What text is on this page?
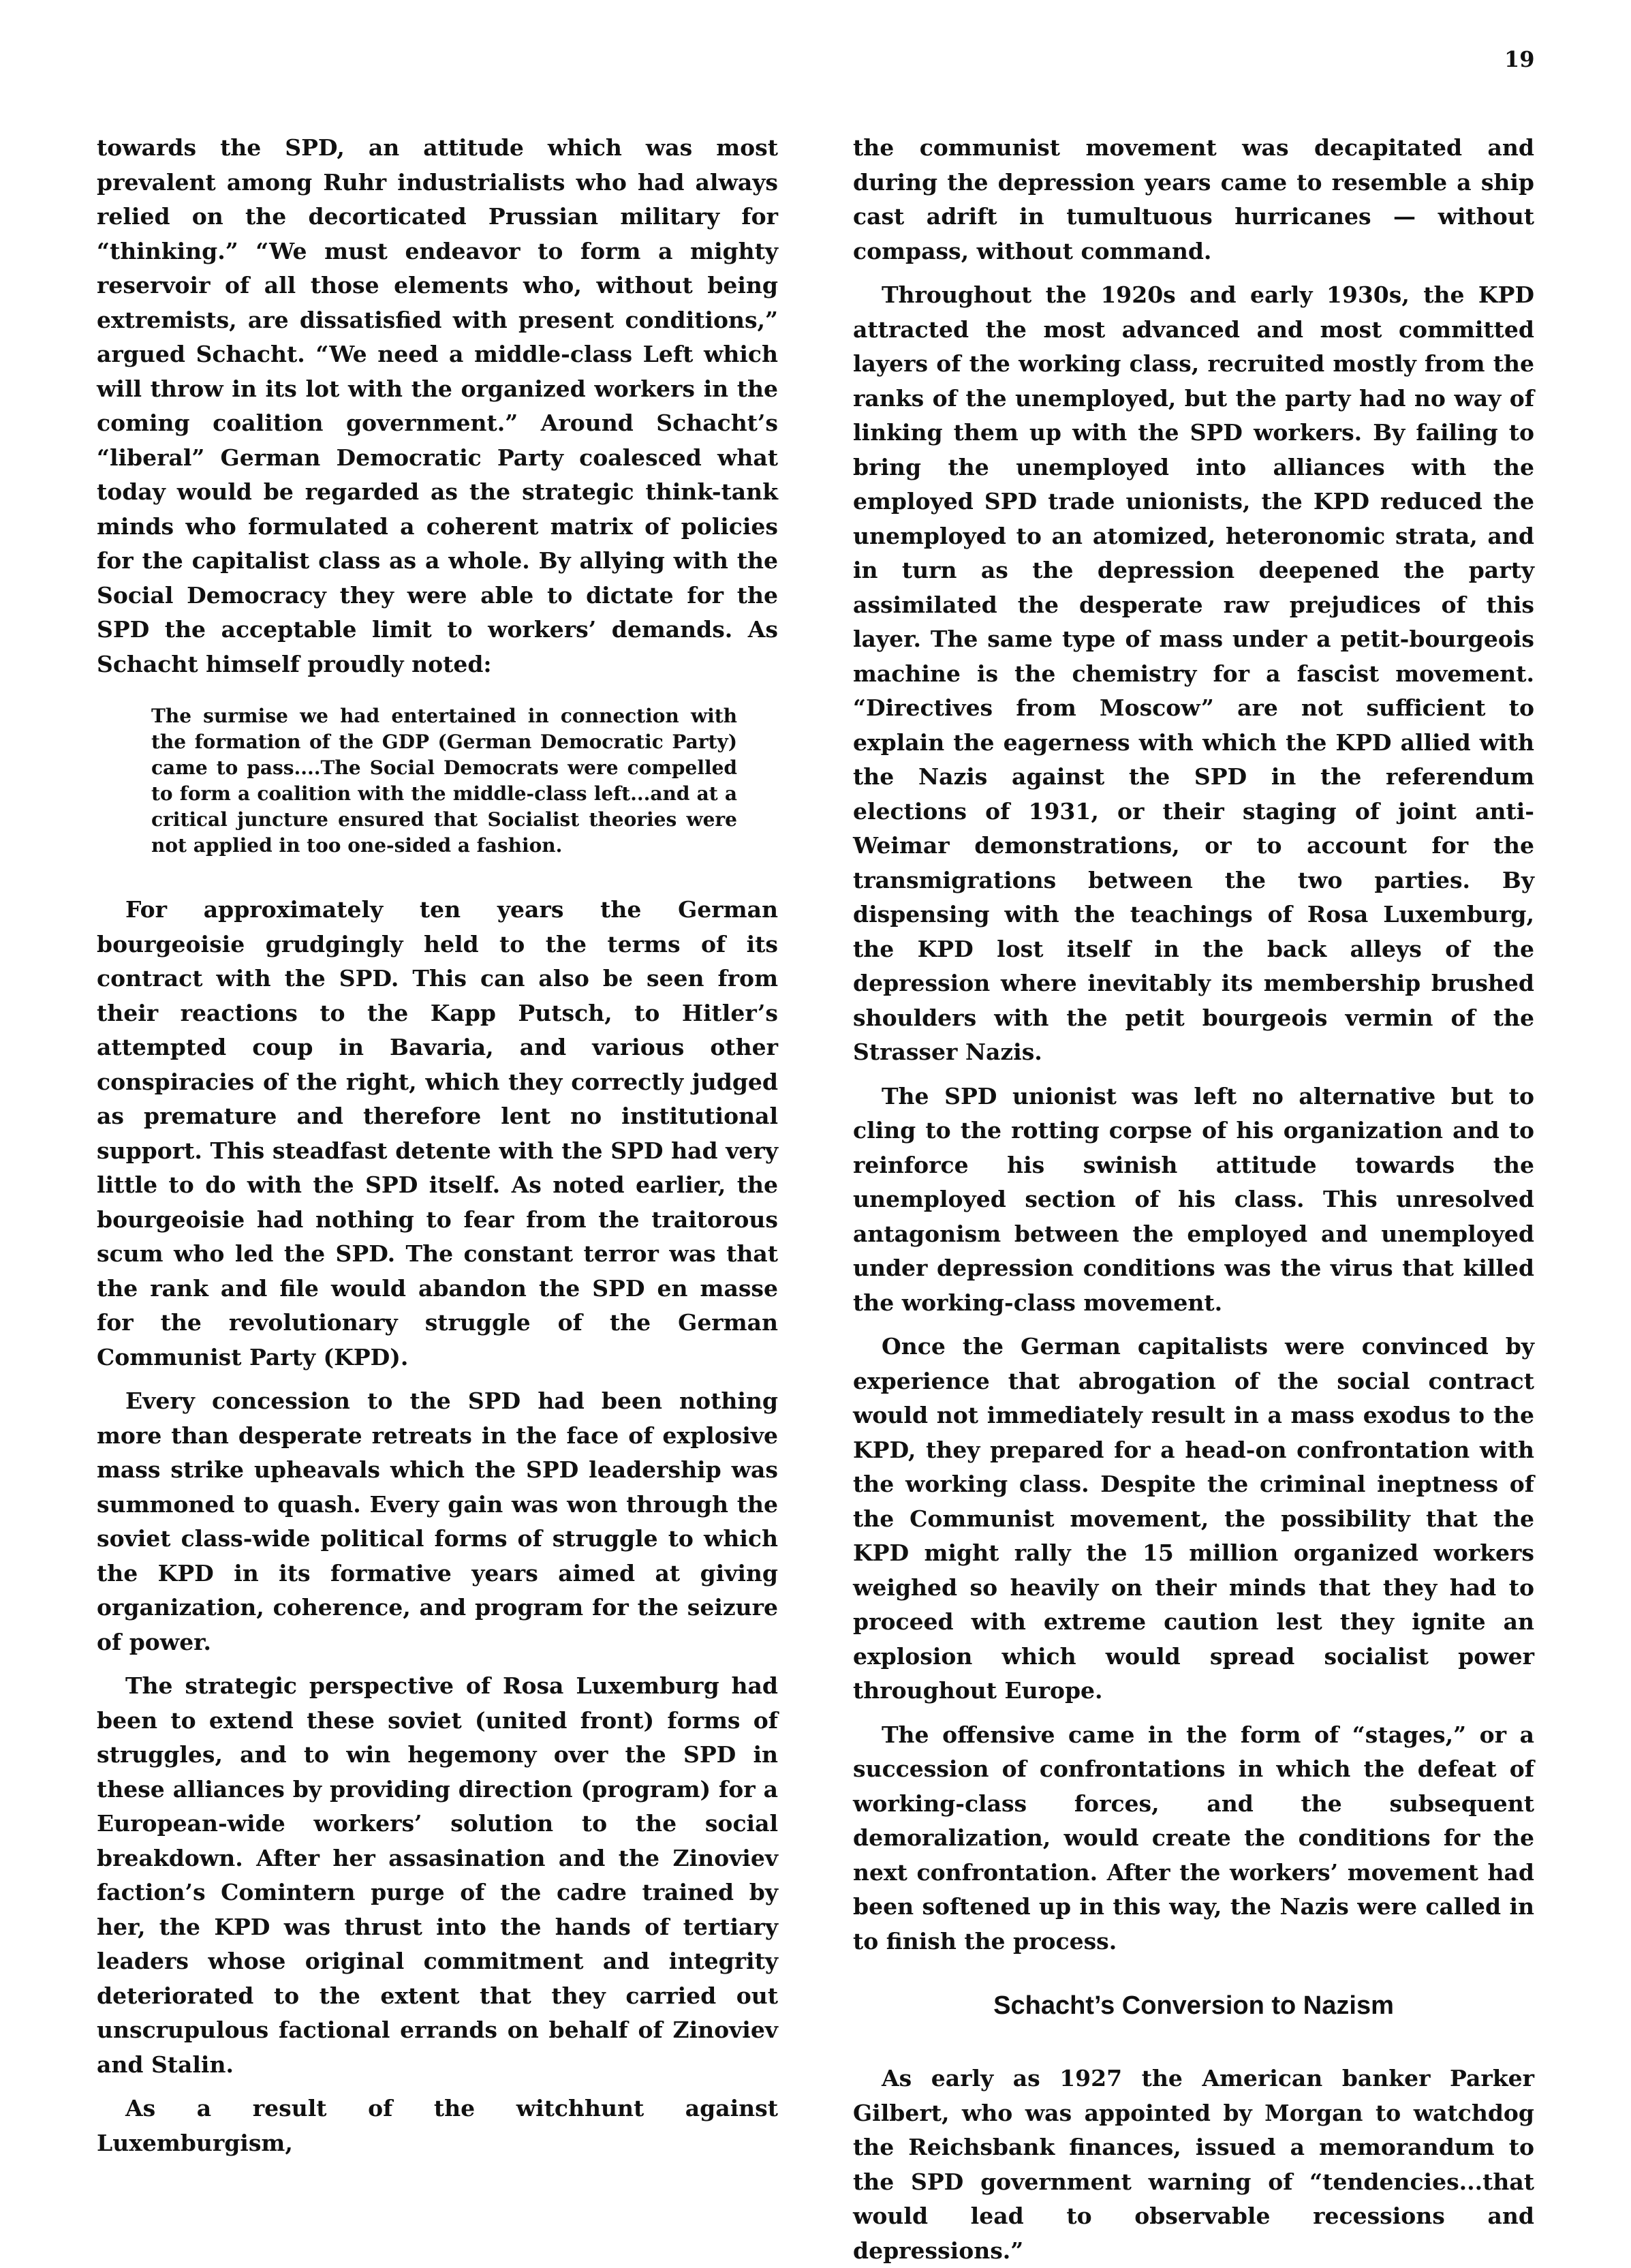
19

towards the SPD, an attitude which was most prevalent among Ruhr industrialists who had always relied on the decorticated Prussian military for “thinking.” “We must endeavor to form a mighty reservoir of all those elements who, without being extremists, are dissatisfied with present conditions,” argued Schacht. “We need a middle-class Left which will throw in its lot with the organized workers in the coming coalition government.” Around Schacht’s “liberal” German Democratic Party coalesced what today would be regarded as the strategic think-tank minds who formulated a coherent matrix of policies for the capitalist class as a whole. By allying with the Social Democracy they were able to dictate for the SPD the acceptable limit to workers’ demands. As Schacht himself proudly noted:

The surmise we had entertained in connection with the formation of the GDP (German Democratic Party) came to pass....The Social Democrats were compelled to form a coalition with the middle-class left...and at a critical juncture ensured that Socialist theories were not applied in too one-sided a fashion.

For approximately ten years the German bourgeoisie grudgingly held to the terms of its contract with the SPD. This can also be seen from their reactions to the Kapp Putsch, to Hitler’s attempted coup in Bavaria, and various other conspiracies of the right, which they correctly judged as premature and therefore lent no institutional support. This steadfast detente with the SPD had very little to do with the SPD itself. As noted earlier, the bourgeoisie had nothing to fear from the traitorous scum who led the SPD. The constant terror was that the rank and file would abandon the SPD en masse for the revolutionary struggle of the German Communist Party (KPD).

Every concession to the SPD had been nothing more than desperate retreats in the face of explosive mass strike upheavals which the SPD leadership was summoned to quash. Every gain was won through the soviet class-wide political forms of struggle to which the KPD in its formative years aimed at giving organization, coherence, and program for the seizure of power.

The strategic perspective of Rosa Luxemburg had been to extend these soviet (united front) forms of struggles, and to win hegemony over the SPD in these alliances by providing direction (program) for a European-wide workers’ solution to the social breakdown. After her assasination and the Zinoviev faction’s Comintern purge of the cadre trained by her, the KPD was thrust into the hands of tertiary leaders whose original commitment and integrity deteriorated to the extent that they carried out unscrupulous factional errands on behalf of Zinoviev and Stalin.

As a result of the witchhunt against Luxemburgism,

the communist movement was decapitated and during the depression years came to resemble a ship cast adrift in tumultuous hurricanes — without compass, without command.

Throughout the 1920s and early 1930s, the KPD attracted the most advanced and most committed layers of the working class, recruited mostly from the ranks of the unemployed, but the party had no way of linking them up with the SPD workers. By failing to bring the unemployed into alliances with the employed SPD trade unionists, the KPD reduced the unemployed to an atomized, heteronomic strata, and in turn as the depression deepened the party assimilated the desperate raw prejudices of this layer. The same type of mass under a petit-bourgeois machine is the chemistry for a fascist movement. “Directives from Moscow” are not sufficient to explain the eagerness with which the KPD allied with the Nazis against the SPD in the referendum elections of 1931, or their staging of joint anti-Weimar demonstrations, or to account for the transmigrations between the two parties. By dispensing with the teachings of Rosa Luxemburg, the KPD lost itself in the back alleys of the depression where inevitably its membership brushed shoulders with the petit bourgeois vermin of the Strasser Nazis.

The SPD unionist was left no alternative but to cling to the rotting corpse of his organization and to reinforce his swinish attitude towards the unemployed section of his class. This unresolved antagonism between the employed and unemployed under depression conditions was the virus that killed the working-class movement.

Once the German capitalists were convinced by experience that abrogation of the social contract would not immediately result in a mass exodus to the KPD, they prepared for a head-on confrontation with the working class. Despite the criminal ineptness of the Communist movement, the possibility that the KPD might rally the 15 million organized workers weighed so heavily on their minds that they had to proceed with extreme caution lest they ignite an explosion which would spread socialist power throughout Europe.

The offensive came in the form of “stages,” or a succession of confrontations in which the defeat of working-class forces, and the subsequent demoralization, would create the conditions for the next confrontation. After the workers’ movement had been softened up in this way, the Nazis were called in to finish the process.

Schacht’s Conversion to Nazism

As early as 1927 the American banker Parker Gilbert, who was appointed by Morgan to watchdog the Reichsbank finances, issued a memorandum to the SPD government warning of “tendencies...that would lead to observable recessions and depressions.”
